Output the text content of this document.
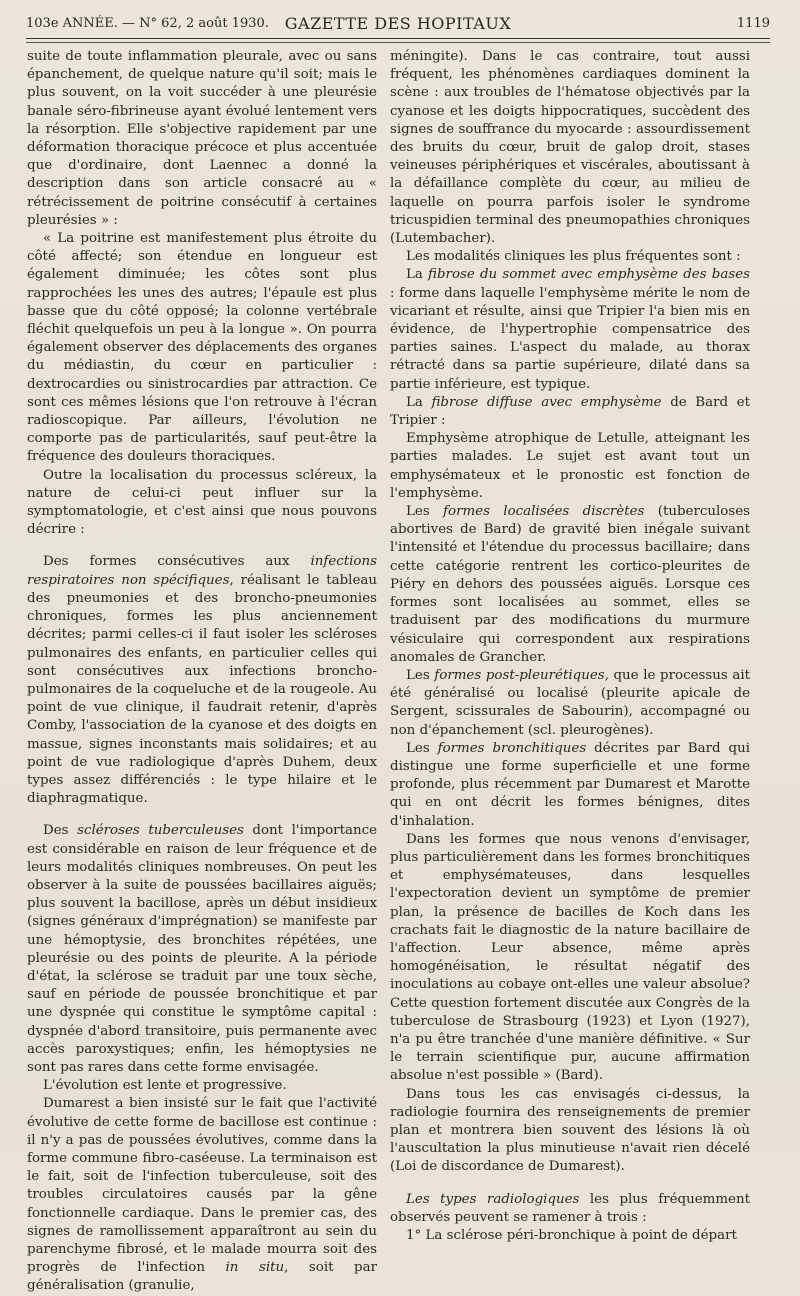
103e ANNÉE. — N° 62, 2 août 1930. GAZETTE DES HOPITAUX	1119

suite de toute inflammation pleurale, avec ou sans épanchement, de quelque nature qu'il soit; mais le plus souvent, on la voit succéder à une pleurésie banale séro-fibrineuse ayant évolué lentement vers la résorption. Elle s'objective rapidement par une déformation thoracique précoce et plus accentuée que d'ordinaire, dont Laennec a donné la description dans son article consacré au « rétrécissement de poitrine consécutif à certaines pleurésies » :

« La poitrine est manifestement plus étroite du côté affecté; son étendue en longueur est également diminuée; les côtes sont plus rapprochées les unes des autres; l'épaule est plus basse que du côté opposé; la colonne vertébrale fléchit quelquefois un peu à la longue ». On pourra également observer des déplacements des organes du médiastin, du cœur en particulier : dextrocardies ou sinistrocardies par attraction. Ce sont ces mêmes lésions que l'on retrouve à l'écran radioscopique. Par ailleurs, l'évolution ne comporte pas de particularités, sauf peut-être la fréquence des douleurs thoraciques.

Outre la localisation du processus scléreux, la nature de celui-ci peut influer sur la symptomatologie, et c'est ainsi que nous pouvons décrire :

Des formes consécutives aux infections respiratoires non spécifiques, réalisant le tableau des pneumonies et des broncho-pneumonies chroniques, formes les plus anciennement décrites; parmi celles-ci il faut isoler les scléroses pulmonaires des enfants, en particulier celles qui sont consécutives aux infections broncho-pulmonaires de la coqueluche et de la rougeole. Au point de vue clinique, il faudrait retenir, d'après Comby, l'association de la cyanose et des doigts en massue, signes inconstants mais solidaires; et au point de vue radiologique d'après Duhem, deux types assez différenciés : le type hilaire et le diaphragmatique.

Des scléroses tuberculeuses dont l'importance est considérable en raison de leur fréquence et de leurs modalités cliniques nombreuses. On peut les observer à la suite de poussées bacillaires aiguës; plus souvent la bacillose, après un début insidieux (signes généraux d'imprégnation) se manifeste par une hémoptysie, des bronchites répétées, une pleurésie ou des points de pleurite. A la période d'état, la sclérose se traduit par une toux sèche, sauf en période de poussée bronchitique et par une dyspnée qui constitue le symptôme capital : dyspnée d'abord transitoire, puis permanente avec accès paroxystiques; enfin, les hémoptysies ne sont pas rares dans cette forme envisagée.

L'évolution est lente et progressive.

Dumarest a bien insisté sur le fait que l'activité évolutive de cette forme de bacillose est continue : il n'y a pas de poussées évolutives, comme dans la forme commune fibro-caséeuse. La terminaison est le fait, soit de l'infection tuberculeuse, soit des troubles circulatoires causés par la gêne fonctionnelle cardiaque. Dans le premier cas, des signes de ramollissement apparaîtront au sein du parenchyme fibrosé, et le malade mourra soit des progrès de l'infection in situ, soit par généralisation (granulie,

méningite). Dans le cas contraire, tout aussi fréquent, les phénomènes cardiaques dominent la scène : aux troubles de l'hématose objectivés par la cyanose et les doigts hippocratiques, succèdent des signes de souffrance du myocarde : assourdissement des bruits du cœur, bruit de galop droit, stases veineuses périphériques et viscérales, aboutissant à la défaillance complète du cœur, au milieu de laquelle on pourra parfois isoler le syndrome tricuspidien terminal des pneumopathies chroniques (Lutembacher).

Les modalités cliniques les plus fréquentes sont :

La fibrose du sommet avec emphysème des bases : forme dans laquelle l'emphysème mérite le nom de vicariant et résulte, ainsi que Tripier l'a bien mis en évidence, de l'hypertrophie compensatrice des parties saines. L'aspect du malade, au thorax rétracté dans sa partie supérieure, dilaté dans sa partie inférieure, est typique.

La fibrose diffuse avec emphysème de Bard et Tripier :

Emphysème atrophique de Letulle, atteignant les parties malades. Le sujet est avant tout un emphysémateux et le pronostic est fonction de l'emphysème.

Les formes localisées discrètes (tuberculoses abortives de Bard) de gravité bien inégale suivant l'intensité et l'étendue du processus bacillaire; dans cette catégorie rentrent les cortico-pleurites de Piéry en dehors des poussées aiguës. Lorsque ces formes sont localisées au sommet, elles se traduisent par des modifications du murmure vésiculaire qui correspondent aux respirations anomales de Grancher.

Les formes post-pleurétiques, que le processus ait été généralisé ou localisé (pleurite apicale de Sergent, scissurales de Sabourin), accompagné ou non d'épanchement (scl. pleurogènes).

Les formes bronchitiques décrites par Bard qui distingue une forme superficielle et une forme profonde, plus récemment par Dumarest et Marotte qui en ont décrit les formes bénignes, dites d'inhalation.

Dans les formes que nous venons d'envisager, plus particulièrement dans les formes bronchitiques et emphysémateuses, dans lesquelles l'expectoration devient un symptôme de premier plan, la présence de bacilles de Koch dans les crachats fait le diagnostic de la nature bacillaire de l'affection. Leur absence, même après homogénéisation, le résultat négatif des inoculations au cobaye ont-elles une valeur absolue? Cette question fortement discutée aux Congrès de la tuberculose de Strasbourg (1923) et Lyon (1927), n'a pu être tranchée d'une manière définitive. « Sur le terrain scientifique pur, aucune affirmation absolue n'est possible » (Bard).

Dans tous les cas envisagés ci-dessus, la radiologie fournira des renseignements de premier plan et montrera bien souvent des lésions là où l'auscultation la plus minutieuse n'avait rien décelé (Loi de discordance de Dumarest).

Les types radiologiques les plus fréquemment observés peuvent se ramener à trois :

1° La sclérose péri-bronchique à point de départ
